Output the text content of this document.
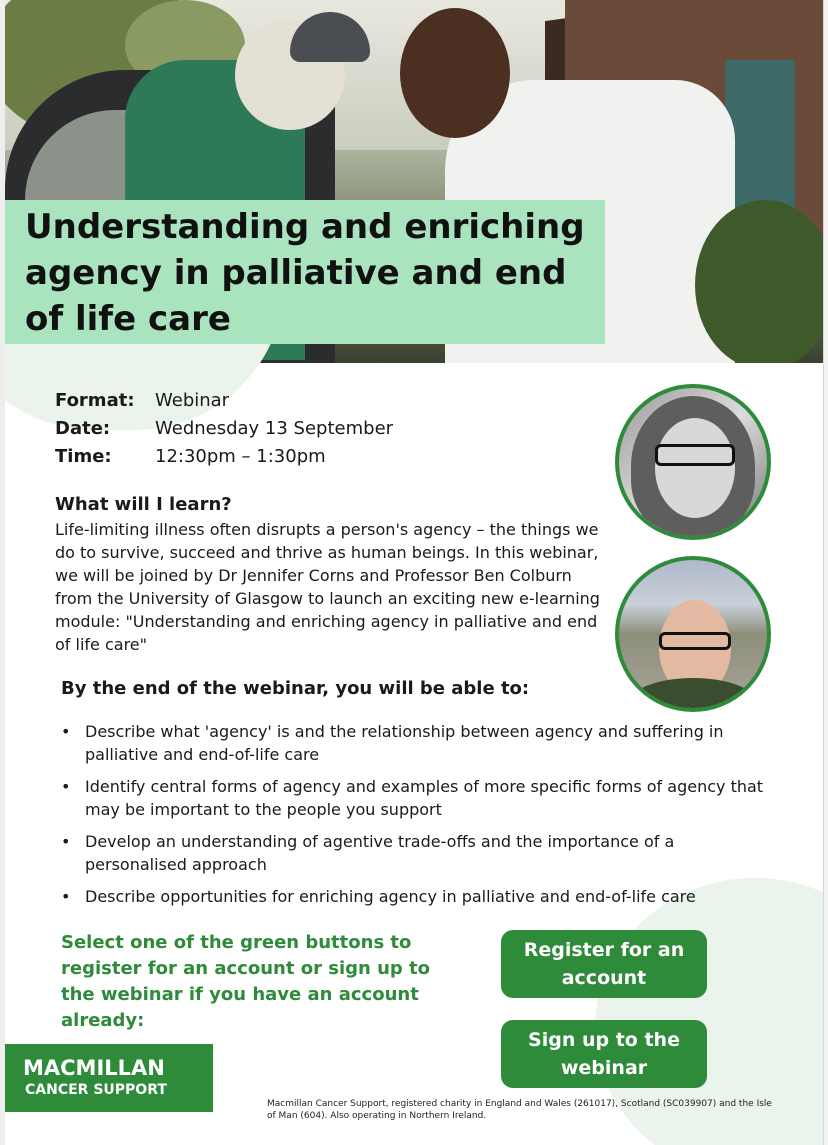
Understanding and enriching agency in palliative and end of life care
Format:	Webinar
Date:	Wednesday 13 September
Time:	12:30pm – 1:30pm
What will I learn?

Life-limiting illness often disrupts a person's agency – the things we do to survive, succeed and thrive as human beings. In this webinar, we will be joined by Dr Jennifer Corns and Professor Ben Colburn from the University of Glasgow to launch an exciting new e-learning module: "Understanding and enriching agency in palliative and end of life care"

By the end of the webinar, you will be able to:
• Describe what 'agency' is and the relationship between agency and suffering in palliative and end-of-life care
• Identify central forms of agency and examples of more specific forms of agency that may be important to the people you support
• Develop an understanding of agentive trade-offs and the importance of a personalised approach
• Describe opportunities for enriching agency in palliative and end-of-life care

Select one of the green buttons to register for an account or sign up to the webinar if you have an account already:

Register for an account
Sign up to the webinar
MACMILLAN
CANCER SUPPORT

Macmillan Cancer Support, registered charity in England and Wales (261017), Scotland (SC039907) and the Isle of Man (604). Also operating in Northern Ireland.
